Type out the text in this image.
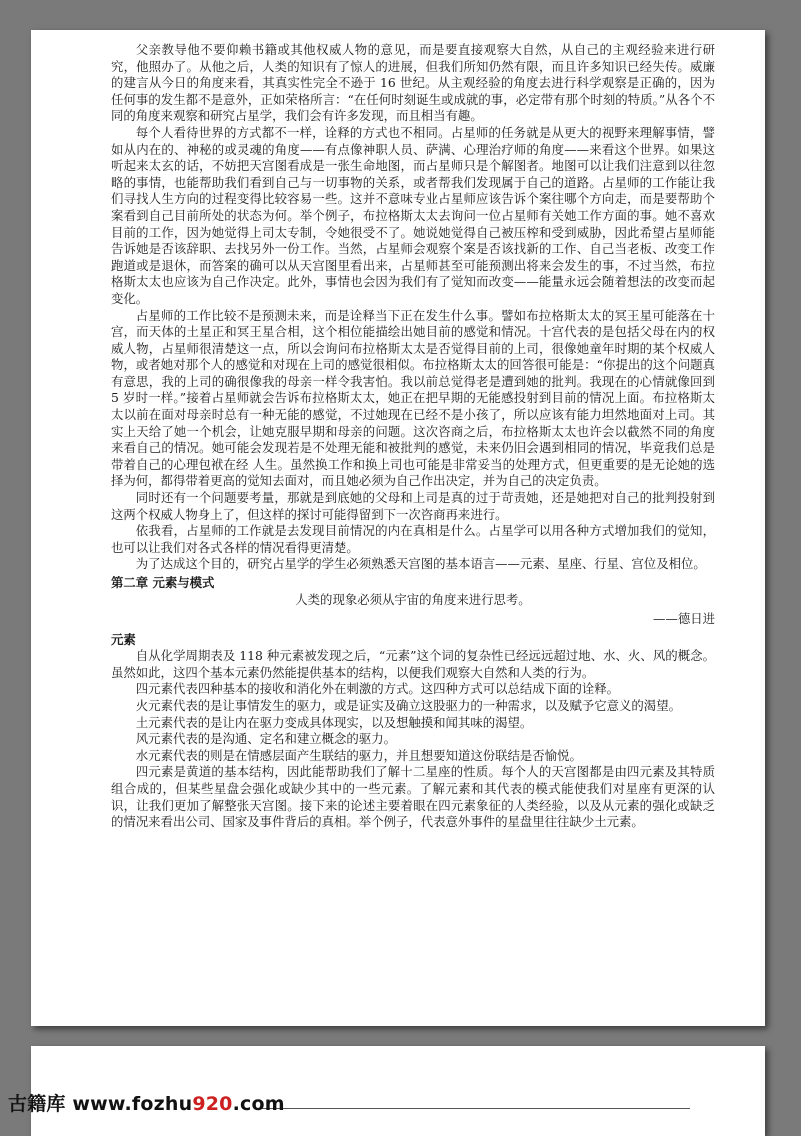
父亲教导他不要仰赖书籍或其他权威人物的意见，而是要直接观察大自然，从自己的主观经验来进行研究，他照办了。从他之后，人类的知识有了惊人的进展，但我们所知仍然有限，而且许多知识已经失传。威廉的建言从今日的角度来看，其真实性完全不逊于 16 世纪。从主观经验的角度去进行科学观察是正确的，因为任何事的发生都不是意外，正如荣格所言：“在任何时刻诞生或成就的事，必定带有那个时刻的特质。”从各个不同的角度来观察和研究占星学，我们会有许多发现，而且相当有趣。

每个人看待世界的方式都不一样，诠释的方式也不相同。占星师的任务就是从更大的视野来理解事情，譬如从内在的、神秘的或灵魂的角度——有点像神职人员、萨满、心理治疗师的角度——来看这个世界。如果这听起来太玄的话，不妨把天宫图看成是一张生命地图，而占星师只是个解图者。地图可以让我们注意到以往忽略的事情，也能帮助我们看到自己与一切事物的关系，或者帮我们发现属于自己的道路。占星师的工作能让我们寻找人生方向的过程变得比较容易一些。这并不意味专业占星师应该告诉个案往哪个方向走，而是要帮助个案看到自己目前所处的状态为何。举个例子，布拉格斯太太去询问一位占星师有关她工作方面的事。她不喜欢目前的工作，因为她觉得上司太专制，令她很受不了。她说她觉得自己被压榨和受到威胁，因此希望占星师能告诉她是否该辞职、去找另外一份工作。当然，占星师会观察个案是否该找新的工作、自己当老板、改变工作跑道或是退休，而答案的确可以从天宫图里看出来，占星师甚至可能预测出将来会发生的事，不过当然，布拉格斯太太也应该为自己作决定。此外，事情也会因为我们有了觉知而改变——能量永远会随着想法的改变而起变化。

占星师的工作比较不是预测未来，而是诠释当下正在发生什么事。譬如布拉格斯太太的冥王星可能落在十宫，而天体的土星正和冥王星合相，这个相位能描绘出她目前的感觉和情况。十宫代表的是包括父母在内的权威人物，占星师很清楚这一点，所以会询问布拉格斯太太是否觉得目前的上司，很像她童年时期的某个权威人物，或者她对那个人的感觉和对现在上司的感觉很相似。布拉格斯太太的回答很可能是：“你提出的这个问题真有意思，我的上司的确很像我的母亲一样令我害怕。我以前总觉得老是遭到她的批判。我现在的心情就像回到 5 岁时一样。”接着占星师就会告诉布拉格斯太太，她正在把早期的无能感投射到目前的情况上面。布拉格斯太太以前在面对母亲时总有一种无能的感觉，不过她现在已经不是小孩了，所以应该有能力坦然地面对上司。其实上天给了她一个机会，让她克服早期和母亲的问题。这次咨商之后，布拉格斯太太也许会以截然不同的角度来看自己的情况。她可能会发现若是不处理无能和被批判的感觉，未来仍旧会遇到相同的情况，毕竟我们总是带着自己的心理包袱在经 人生。虽然换工作和换上司也可能是非常妥当的处理方式，但更重要的是无论她的选择为何，都得带着更高的觉知去面对，而且她必须为自己作出决定，并为自己的决定负责。

同时还有一个问题要考量，那就是到底她的父母和上司是真的过于苛责她，还是她把对自己的批判投射到这两个权威人物身上了，但这样的探讨可能得留到下一次咨商再来进行。

依我看，占星师的工作就是去发现目前情况的内在真相是什么。占星学可以用各种方式增加我们的觉知，也可以让我们对各式各样的情况看得更清楚。

为了达成这个目的，研究占星学的学生必须熟悉天宫图的基本语言——元素、星座、行星、宫位及相位。

第二章 元素与模式
人类的现象必须从宇宙的角度来进行思考。
——德日进
元素

自从化学周期表及 118 种元素被发现之后，“元素”这个词的复杂性已经远远超过地、水、火、风的概念。虽然如此，这四个基本元素仍然能提供基本的结构，以便我们观察大自然和人类的行为。

四元素代表四种基本的接收和消化外在刺激的方式。这四种方式可以总结成下面的诠释。

火元素代表的是让事情发生的驱力，或是证实及确立这股驱力的一种需求，以及赋予它意义的渴望。

土元素代表的是让内在驱力变成具体现实，以及想触摸和闻其味的渴望。

风元素代表的是沟通、定名和建立概念的驱力。

水元素代表的则是在情感层面产生联结的驱力，并且想要知道这份联结是否愉悦。

四元素是黄道的基本结构，因此能帮助我们了解十二星座的性质。每个人的天宫图都是由四元素及其特质组合成的，但某些星盘会强化或缺少其中的一些元素。了解元素和其代表的模式能使我们对星座有更深的认识，让我们更加了解整张天宫图。接下来的论述主要着眼在四元素象征的人类经验，以及从元素的强化或缺乏的情况来看出公司、国家及事件背后的真相。举个例子，代表意外事件的星盘里往往缺少土元素。

古籍库 www.fozhu920.com
